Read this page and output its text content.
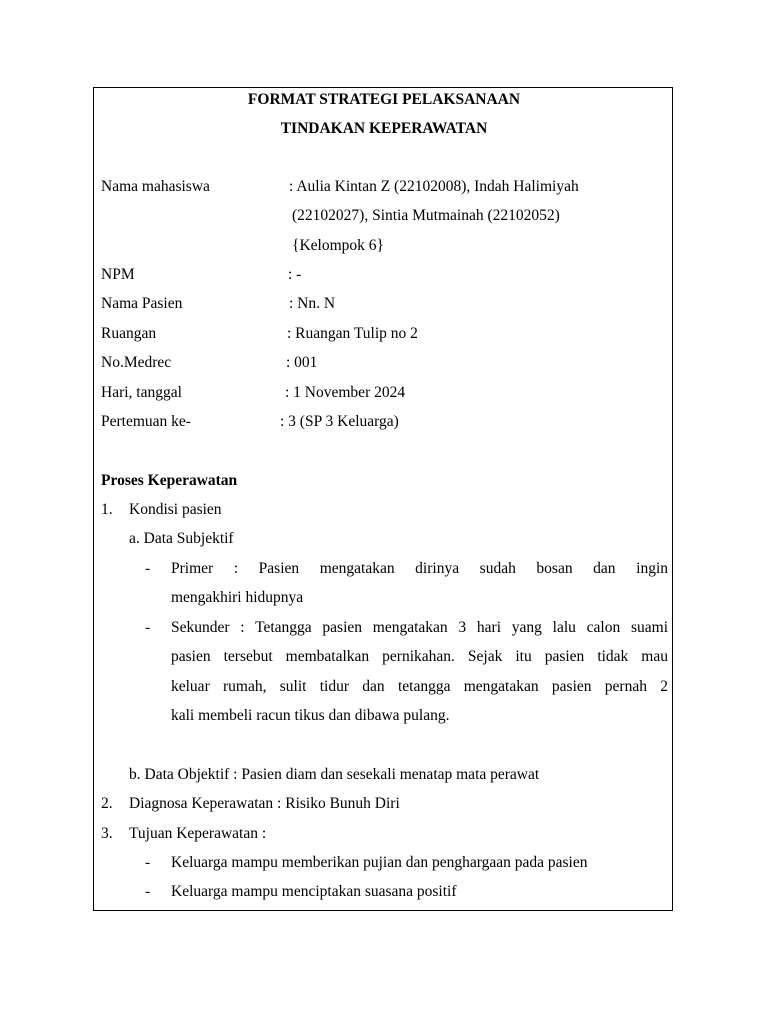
FORMAT STRATEGI PELAKSANAAN
TINDAKAN KEPERAWATAN
Nama mahasiswa	: Aulia Kintan Z (22102008), Indah Halimiyah
(22102027), Sintia Mutmainah (22102052)
{Kelompok 6}
NPM	: -
Nama Pasien	: Nn. N
Ruangan	: Ruangan Tulip no 2
No.Medrec	: 001
Hari, tanggal	: 1 November 2024
Pertemuan ke-	: 3 (SP 3 Keluarga)
Proses Keperawatan
1. Kondisi pasien
a. Data Subjektif
- Primer : Pasien mengatakan dirinya sudah bosan dan ingin
mengakhiri hidupnya
- Sekunder : Tetangga pasien mengatakan 3 hari yang lalu calon suami
pasien tersebut membatalkan pernikahan. Sejak itu pasien tidak mau
keluar rumah, sulit tidur dan tetangga mengatakan pasien pernah 2
kali membeli racun tikus dan dibawa pulang.
b. Data Objektif : Pasien diam dan sesekali menatap mata perawat
2. Diagnosa Keperawatan : Risiko Bunuh Diri
3. Tujuan Keperawatan :
- Keluarga mampu memberikan pujian dan penghargaan pada pasien
- Keluarga mampu menciptakan suasana positif
